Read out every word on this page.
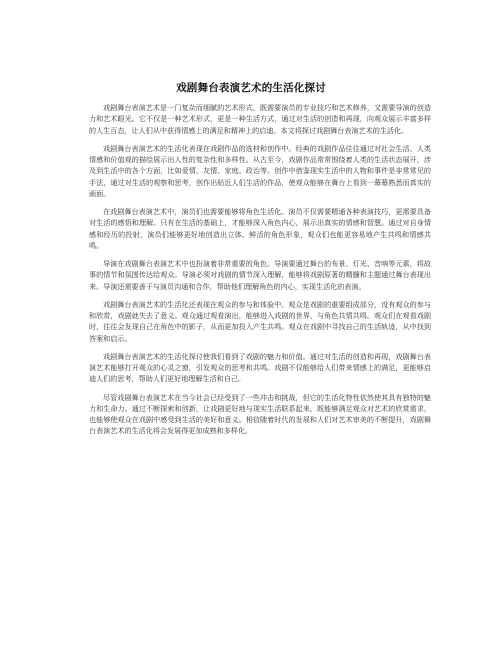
戏剧舞台表演艺术的生活化探讨

戏剧舞台表演艺术是一门复杂而细腻的艺术形式，既需要演员的专业技巧和艺术修养，又需要导演的创造力和艺术眼光。它不仅是一种艺术形式，更是一种生活方式，通过对生活的创造和再现，向观众展示丰富多样的人生百态，让人们从中获得情感上的满足和精神上的启迪。本文将探讨戏剧舞台表演艺术的生活化。

戏剧舞台表演艺术的生活化表现在戏剧作品的选材和创作中。经典的戏剧作品往往通过对社会生活、人类情感和价值观的描绘展示出人性的复杂性和多样性。从古至今，戏剧作品常常围绕着人类的生活状态展开，涉及到生活中的各个方面，比如爱情、友情、家庭、政治等。创作中借鉴现实生活中的人物和事件是非常常见的手法，通过对生活的观察和思考，创作出贴近人们生活的作品，使观众能够在舞台上看到一幕幕熟悉而真实的画面。

在戏剧舞台表演艺术中，演员们也需要能够将角色生活化。演员不仅需要精通各种表演技巧，更需要具备对生活的感悟和理解。只有在生活的基础上，才能够深入角色内心，展示出真实的情感和智慧。通过对自身情感和经历的投射，演员们能够更好地创造出立体、鲜活的角色形象，观众们也能更容易地产生共鸣和情感共鸣。

导演在戏剧舞台表演艺术中也扮演着非常重要的角色。导演要通过舞台的布景、灯光、音响等元素，将故事的情节和氛围传达给观众。导演必须对戏剧的情节深入理解，能够将戏剧原著的精髓和主题通过舞台表现出来。导演还需要善于与演员沟通和合作，帮助他们理解角色的内心，实现生活化的表演。

戏剧舞台表演艺术的生活化还表现在观众的参与和体验中。观众是戏剧的重要组成部分，没有观众的参与和欣赏，戏剧就失去了意义。观众通过观看演出，能够进入戏剧的世界，与角色共情共鸣。观众们在观看戏剧时，往往会发现自己在角色中的影子，从而更加投入产生共鸣。观众在戏剧中寻找自己的生活轨迹，从中找到答案和启示。

戏剧舞台表演艺术的生活化探讨使我们看到了戏剧的魅力和价值。通过对生活的创造和再现，戏剧舞台表演艺术能够打开观众的心灵之窗，引发观众的思考和共鸣。戏剧不仅能够给人们带来情感上的满足，更能够启迪人们的思考，帮助人们更好地理解生活和自己。

尽管戏剧舞台表演艺术在当今社会已经受到了一些冲击和挑战，但它的生活化特性依然使其具有独特的魅力和生命力。通过不断探索和创新，让戏剧更好地与现实生活联系起来，既能够满足观众对艺术的欣赏需求，也能够使观众在戏剧中感受到生活的美好和意义。相信随着时代的发展和人们对艺术审美的不断提升，戏剧舞台表演艺术的生活化将会发展得更加成熟和多样化。
